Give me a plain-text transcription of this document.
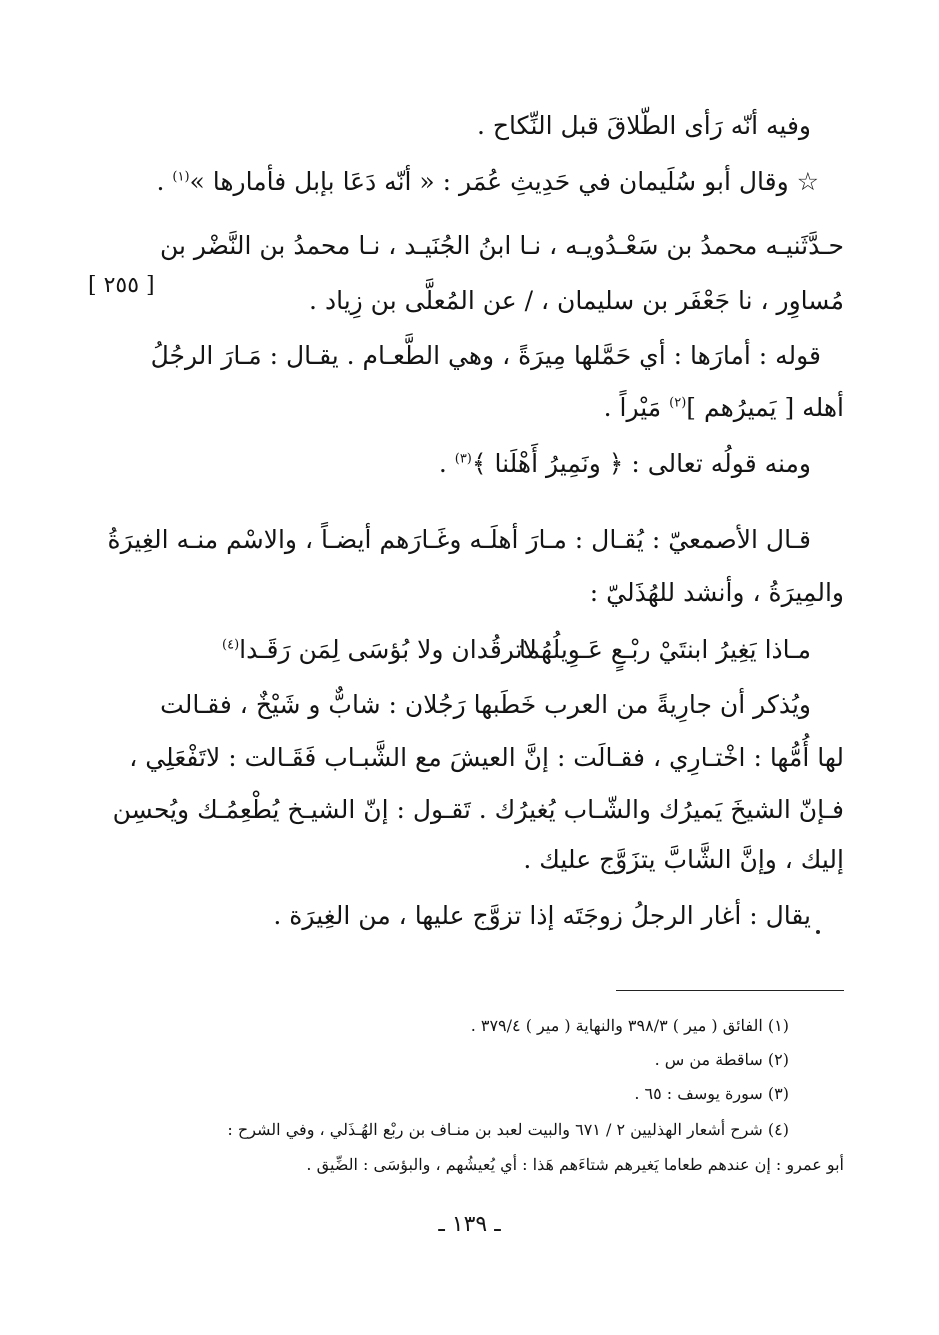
وفيه أنّه رَأى الطّلاقَ قبل النِّكاح .
☆ وقال أبو سُلَيمان في حَدِيثِ عُمَر : « أنّه دَعَا بإبل فأمارها »$^{(١)}$ .
حـدَّثَنيـه محمدُ بن سَعْـدُويـه ، نـا ابنُ الجُنَيـد ، نـا محمدُ بن النَّضْر بن
[ ٢٥٥ ]
مُساوِر ، نا جَعْفَر بن سليمان ، / عن المُعلَّى بن زِياد .
قوله : أمارَها : أي حَمَّلها مِيرَةً ، وهي الطَّعـام . يقـال : مَـارَ الرجُلُ
أهله [ يَميرُهم ]$^{(٢)}$ مَيْراً .
ومنه قولُه تعالى : ﴿ ونَمِيرُ أَهْلَنا ﴾$^{(٣)}$ .
قـال الأصمعيّ : يُقـال : مـارَ أهلَـه وغَـارَهم أيضـاً ، والاسْم منـه الغِيرَةُ
والمِيرَةُ ، وأنشد للهُذَليّ :
مـاذا يَغِيرُ ابنتَيْ ربْـعٍ عَـوِيلُهُما
لاترقُدان ولا بُؤسَى لِمَن رَقَـدا$^{(٤)}$
ويُذكر أن جارِيةً من العرب خَطَبها رَجُلان : شابٌّ و شَيْخٌ ، فقـالت
لها أُمُّها : اخْتـارِي ، فقـالَت : إنَّ العيشَ مع الشَّبـاب فَقَـالت : لاتَفْعَلِي ،
فـإنّ الشيخَ يَميرُك والشّـاب يُغيرُك . تَقـول : إنّ الشيـخ يُطْعِمُـك ويُحسِن
إليك ، وإنَّ الشَّابَّ يتزَوَّج عليك .
يقال : أغار الرجلُ زوجَتَه إذا تزوَّج عليها ، من الغِيرَة .
(١) الفائق ( مير ) ٣٩٨/٣ والنهاية ( مير ) ٣٧٩/٤ .
(٢) ساقطة من س .
(٣) سورة يوسف : ٦٥ .
(٤) شرح أشعار الهذليين ٢ / ٦٧١ والبيت لعبد بن منـاف بن ربْع الهُـذَلي ، وفي الشرح :
أبو عمرو : إن عندهم طعاما يَغيرهم شتاءَهم هَذا : أي يُعيشُهم ، والبؤسَى : الضِّيق .
ـ ١٣٩ ـ
